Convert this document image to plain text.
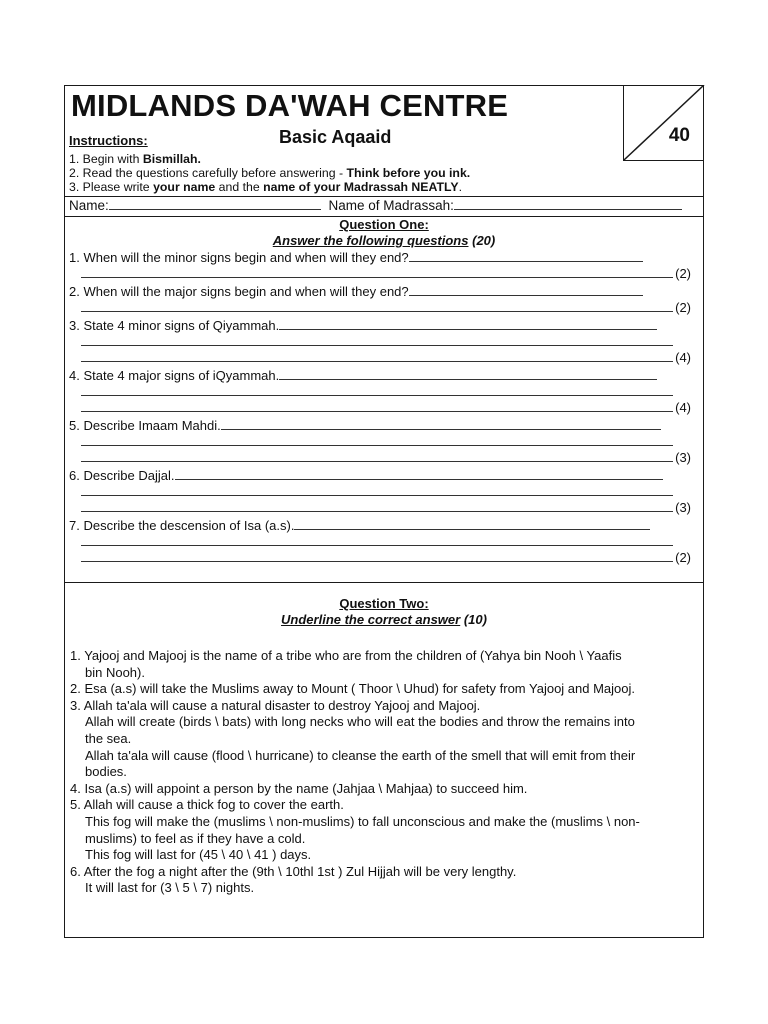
MIDLANDS DA'WAH CENTRE
Basic Aqaaid	40
Instructions:
1. Begin with Bismillah.
2. Read the questions carefully before answering - Think before you ink.
3. Please write your name and the name of your Madrassah NEATLY.
Name:	Name of Madrassah:
Question One:
Answer the following questions (20)
1. When will the minor signs begin and when will they end?
(2)
2. When will the major signs begin and when will they end?
(2)
3. State 4 minor signs of Qiyammah.
(4)
4. State 4 major signs of iQyammah.
(4)
5. Describe Imaam Mahdi.
(3)
6. Describe Dajjal.
(3)
7. Describe the descension of Isa (a.s).
(2)
Question Two:
Underline the correct answer (10)
1. Yajooj and Majooj is the name of a tribe who are from the children of (Yahya bin Nooh \ Yaafis
bin Nooh).
2. Esa (a.s) will take the Muslims away to Mount ( Thoor \ Uhud) for safety from Yajooj and Majooj.
3. Allah ta'ala will cause a natural disaster to destroy Yajooj and Majooj.
Allah will create (birds \ bats) with long necks who will eat the bodies and throw the remains into
the sea.
Allah ta'ala will cause (flood \ hurricane) to cleanse the earth of the smell that will emit from their
bodies.
4. Isa (a.s) will appoint a person by the name (Jahjaa \ Mahjaa) to succeed him.
5. Allah will cause a thick fog to cover the earth.
This fog will make the (muslims \ non-muslims) to fall unconscious and make the (muslims \ non-
muslims) to feel as if they have a cold.
This fog will last for (45 \ 40 \ 41 ) days.
6. After the fog a night after the (9th \ 10thl 1st ) Zul Hijjah will be very lengthy.
It will last for (3 \ 5 \ 7) nights.
